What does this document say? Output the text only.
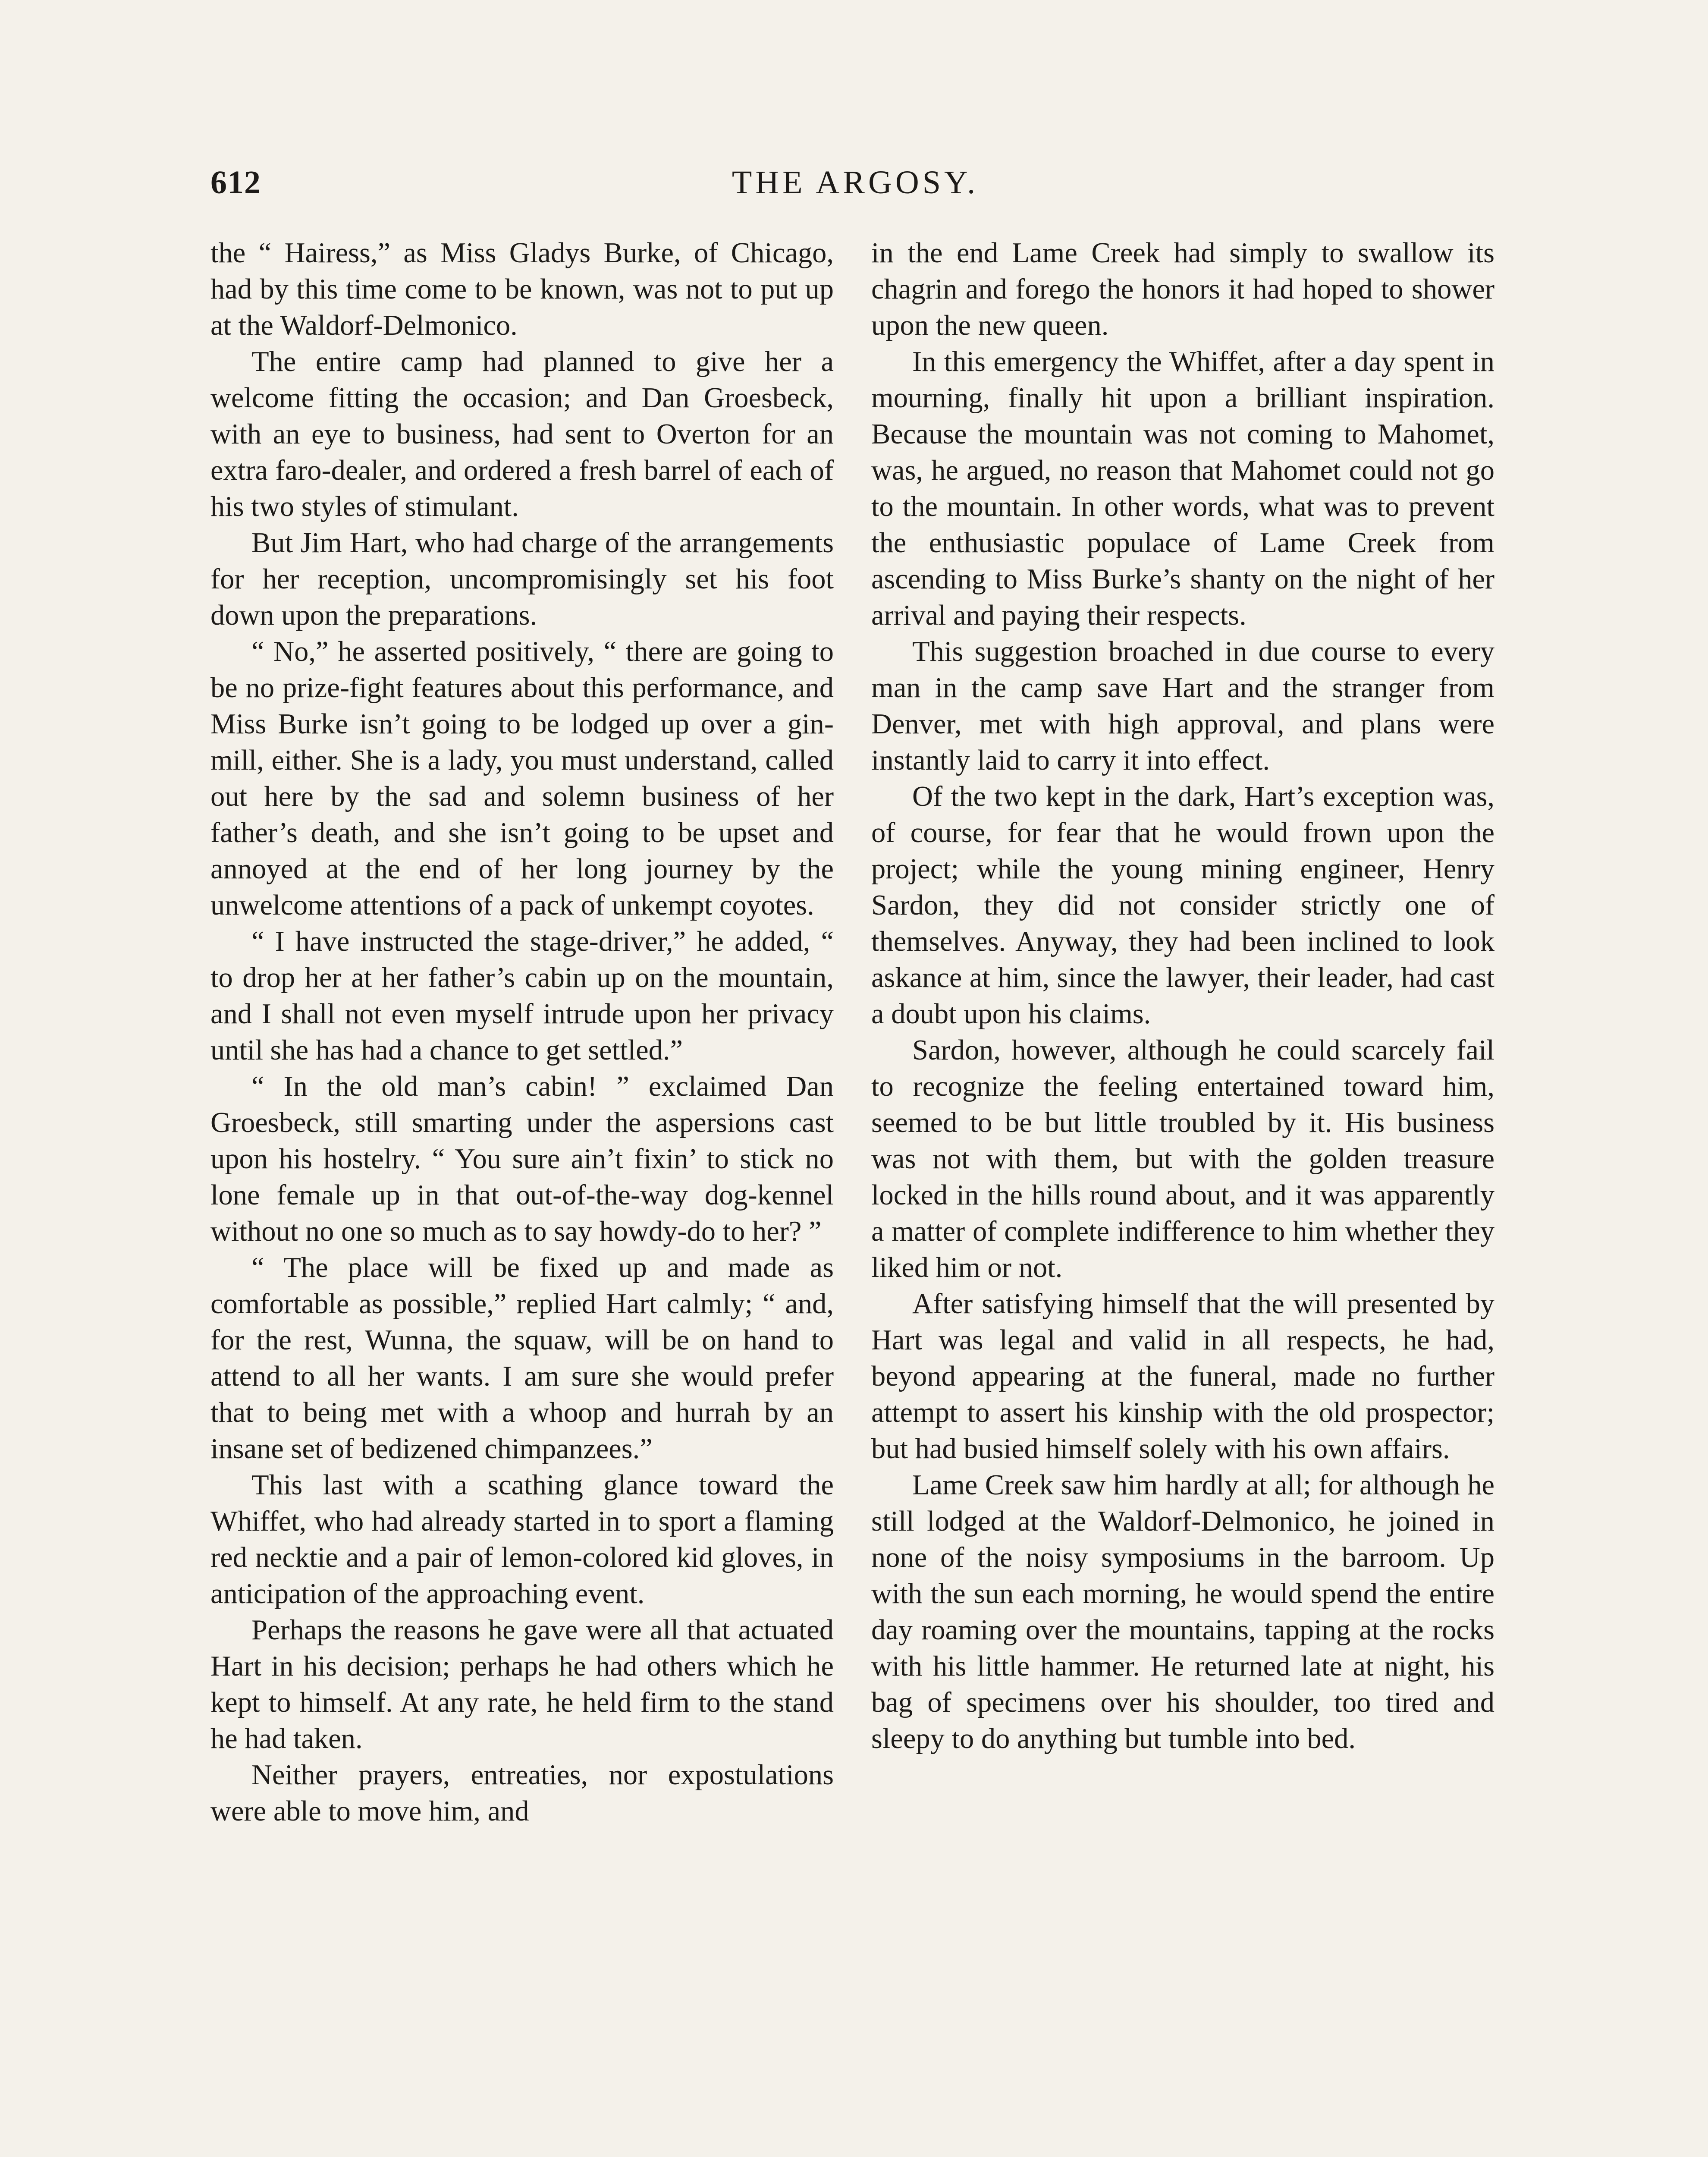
612	THE ARGOSY.

the “ Hairess,” as Miss Gladys Burke, of Chicago, had by this time come to be known, was not to put up at the Waldorf-Delmonico.

The entire camp had planned to give her a welcome fitting the occasion; and Dan Groesbeck, with an eye to business, had sent to Overton for an extra faro-dealer, and ordered a fresh barrel of each of his two styles of stimulant.

But Jim Hart, who had charge of the arrangements for her reception, uncompromisingly set his foot down upon the preparations.

“ No,” he asserted positively, “ there are going to be no prize-fight features about this performance, and Miss Burke isn’t going to be lodged up over a gin-mill, either. She is a lady, you must understand, called out here by the sad and solemn business of her father’s death, and she isn’t going to be upset and annoyed at the end of her long journey by the unwelcome attentions of a pack of unkempt coyotes.

“ I have instructed the stage-driver,” he added, “ to drop her at her father’s cabin up on the mountain, and I shall not even myself intrude upon her privacy until she has had a chance to get settled.”

“ In the old man’s cabin! ” exclaimed Dan Groesbeck, still smarting under the aspersions cast upon his hostelry. “ You sure ain’t fixin’ to stick no lone female up in that out-of-the-way dog-kennel without no one so much as to say howdy-do to her? ”

“ The place will be fixed up and made as comfortable as possible,” replied Hart calmly; “ and, for the rest, Wunna, the squaw, will be on hand to attend to all her wants. I am sure she would prefer that to being met with a whoop and hurrah by an insane set of bedizened chimpanzees.”

This last with a scathing glance toward the Whiffet, who had already started in to sport a flaming red necktie and a pair of lemon-colored kid gloves, in anticipation of the approaching event.

Perhaps the reasons he gave were all that actuated Hart in his decision; perhaps he had others which he kept to himself. At any rate, he held firm to the stand he had taken.

Neither prayers, entreaties, nor expostulations were able to move him, and

in the end Lame Creek had simply to swallow its chagrin and forego the honors it had hoped to shower upon the new queen.

In this emergency the Whiffet, after a day spent in mourning, finally hit upon a brilliant inspiration. Because the mountain was not coming to Mahomet, was, he argued, no reason that Mahomet could not go to the mountain. In other words, what was to prevent the enthusiastic populace of Lame Creek from ascending to Miss Burke’s shanty on the night of her arrival and paying their respects.

This suggestion broached in due course to every man in the camp save Hart and the stranger from Denver, met with high approval, and plans were instantly laid to carry it into effect.

Of the two kept in the dark, Hart’s exception was, of course, for fear that he would frown upon the project; while the young mining engineer, Henry Sardon, they did not consider strictly one of themselves. Anyway, they had been inclined to look askance at him, since the lawyer, their leader, had cast a doubt upon his claims.

Sardon, however, although he could scarcely fail to recognize the feeling entertained toward him, seemed to be but little troubled by it. His business was not with them, but with the golden treasure locked in the hills round about, and it was apparently a matter of complete indifference to him whether they liked him or not.

After satisfying himself that the will presented by Hart was legal and valid in all respects, he had, beyond appearing at the funeral, made no further attempt to assert his kinship with the old prospector; but had busied himself solely with his own affairs.

Lame Creek saw him hardly at all; for although he still lodged at the Waldorf-Delmonico, he joined in none of the noisy symposiums in the barroom. Up with the sun each morning, he would spend the entire day roaming over the mountains, tapping at the rocks with his little hammer. He returned late at night, his bag of specimens over his shoulder, too tired and sleepy to do anything but tumble into bed.
